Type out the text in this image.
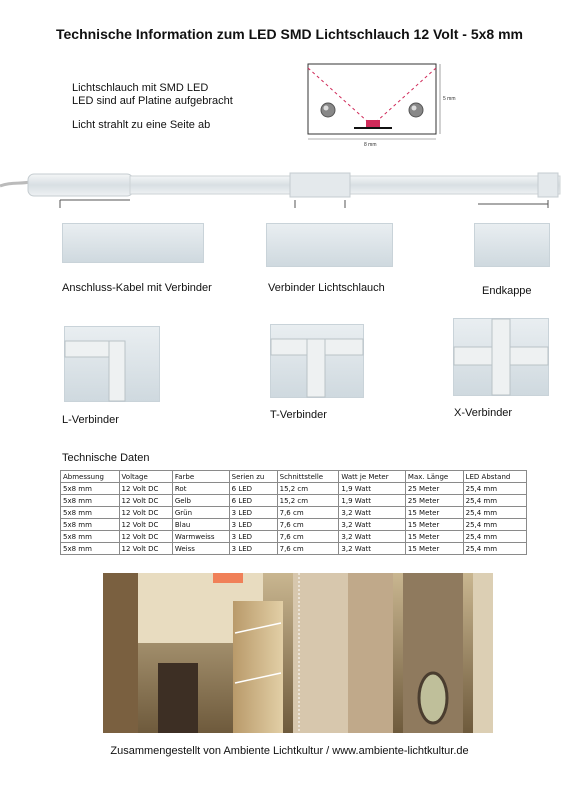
Technische Information zum LED SMD Lichtschlauch 12 Volt - 5x8 mm
Lichtschlauch mit SMD LED
LED sind auf Platine aufgebracht
Licht strahlt zu eine Seite ab
5 mm
8 mm
Anschluss-Kabel mit Verbinder	Verbinder Lichtschlauch	Endkappe
L-Verbinder	T-Verbinder	X-Verbinder
Technische Daten
Abmessung	Voltage	Farbe	Serien zu	Schnittstelle	Watt je Meter	Max. Länge	LED Abstand
5x8 mm	12 Volt DC	Rot	6 LED	15,2 cm	1,9 Watt	25 Meter	25,4 mm
5x8 mm	12 Volt DC	Gelb	6 LED	15,2 cm	1,9 Watt	25 Meter	25,4 mm
5x8 mm	12 Volt DC	Grün	3 LED	7,6 cm	3,2 Watt	15 Meter	25,4 mm
5x8 mm	12 Volt DC	Blau	3 LED	7,6 cm	3,2 Watt	15 Meter	25,4 mm
5x8 mm	12 Volt DC	Warmweiss	3 LED	7,6 cm	3,2 Watt	15 Meter	25,4 mm
5x8 mm	12 Volt DC	Weiss	3 LED	7,6 cm	3,2 Watt	15 Meter	25,4 mm
Zusammengestellt von Ambiente Lichtkultur / www.ambiente-lichtkultur.de
